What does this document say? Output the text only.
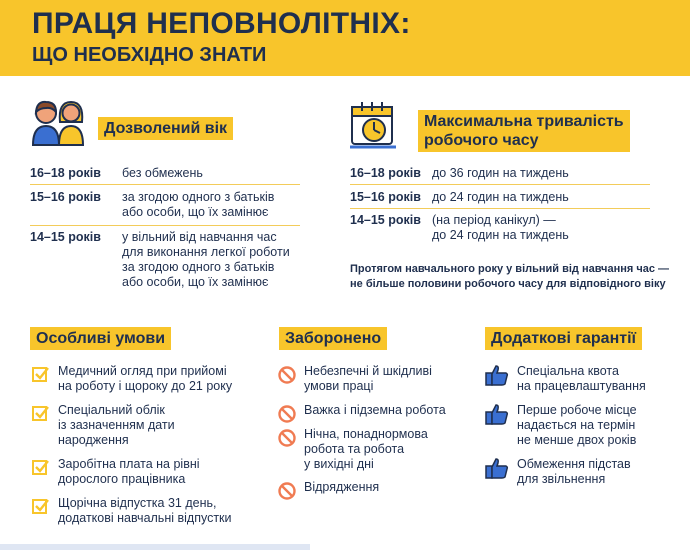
ПРАЦЯ НЕПОВНОЛІТНІХ:
ЩО НЕОБХІДНО ЗНАТИ
Дозволений вік
16–18 років без обмежень
15–16 років за згодою одного з батьків
або особи, що їх замінює
14–15 років у вільний від навчання час
для виконання легкої роботи
за згодою одного з батьків
або особи, що їх замінює
Максимальна тривалість
робочого часу
16–18 років до 36 годин на тиждень
15–16 років до 24 годин на тиждень
14–15 років (на період канікул) —
до 24 годин на тиждень
Протягом навчального року у вільний від навчання час —
не більше половини робочого часу для відповідного віку
Особливі умови
Медичний огляд при прийомі
на роботу і щороку до 21 року
Спеціальний облік
із зазначенням дати
народження
Заробітна плата на рівні
дорослого працівника
Щорічна відпустка 31 день,
додаткові навчальні відпустки
Заборонено
Небезпечні й шкідливі
умови праці
Важка і підземна робота
Нічна, понаднормова
робота та робота
у вихідні дні
Відрядження
Додаткові гарантії
Спеціальна квота
на працевлаштування
Перше робоче місце
надається на термін
не менше двох років
Обмеження підстав
для звільнення
